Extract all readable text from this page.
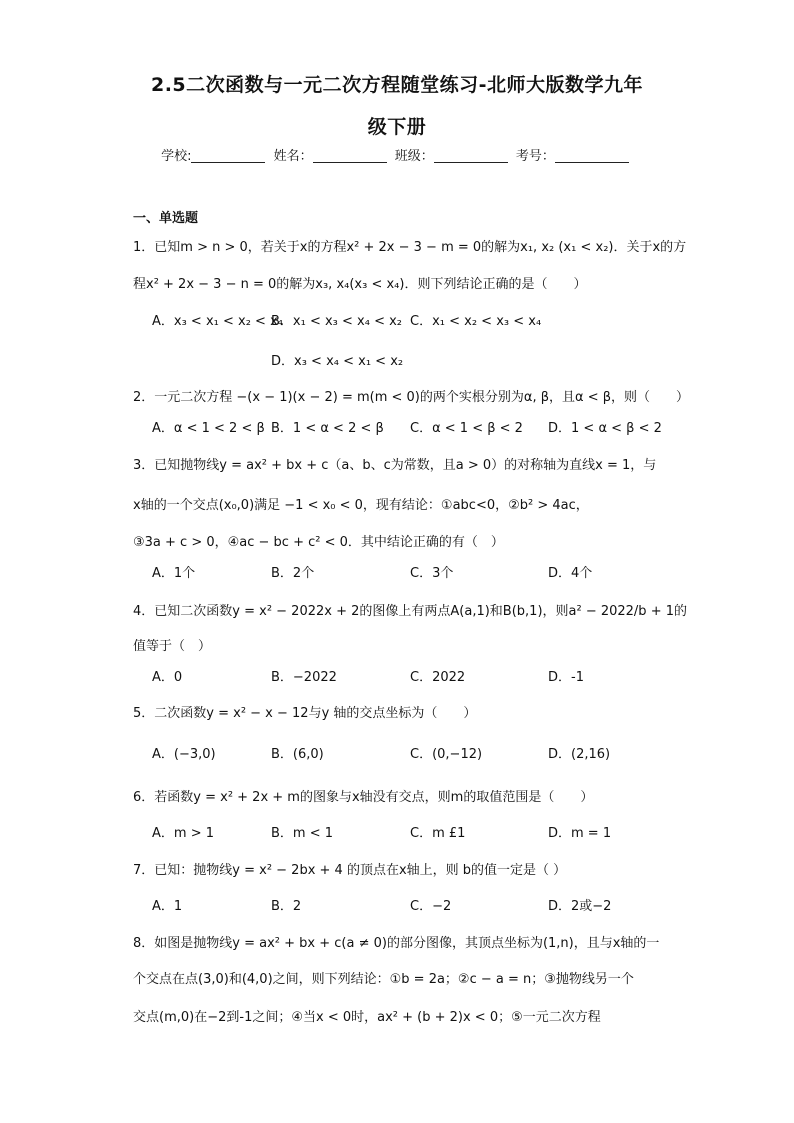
2.5二次函数与一元二次方程随堂练习-北师大版数学九年
级下册
学校:	姓名：	班级：	考号：
一、单选题
1．已知m > n > 0，若关于x的方程x² + 2x − 3 − m = 0的解为x₁, x₂ (x₁ < x₂)．关于x的方
程x² + 2x − 3 − n = 0的解为x₃, x₄(x₃ < x₄)．则下列结论正确的是（　　）
A．x₃ < x₁ < x₂ < x₄
B．x₁ < x₃ < x₄ < x₂ C．x₁ < x₂ < x₃ < x₄
D．x₃ < x₄ < x₁ < x₂
2．一元二次方程 −(x − 1)(x − 2) = m(m < 0)的两个实根分别为α, β，且α < β，则（　　）
A．α < 1 < 2 < β B．1 < α < 2 < β C．α < 1 < β < 2 D．1 < α < β < 2
3．已知抛物线y = ax² + bx + c（a、b、c为常数，且a > 0）的对称轴为直线x = 1，与
x轴的一个交点(x₀,0)满足 −1 < x₀ < 0，现有结论：①abc<0，②b² > 4ac，
③3a + c > 0，④ac − bc + c² < 0．其中结论正确的有（　）
A．1个	B．2个	C．3个	D．4个
4．已知二次函数y = x² − 2022x + 2的图像上有两点A(a,1)和B(b,1)，则a² − 2022/b + 1的
值等于（　）
A．0	B．−2022	C．2022	D．-1
5．二次函数y = x² − x − 12与y 轴的交点坐标为（　　）
A．(−3,0)	B．(6,0)	C．(0,−12)	D．(2,16)
6．若函数y = x² + 2x + m的图象与x轴没有交点，则m的取值范围是（　　）
A．m > 1	B．m < 1	C．m £1	D．m = 1
7．已知：抛物线y = x² − 2bx + 4 的顶点在x轴上，则 b的值一定是（ ）
A．1	B．2	C．−2	D．2或−2
8．如图是抛物线y = ax² + bx + c(a ≠ 0)的部分图像，其顶点坐标为(1,n)，且与x轴的一
个交点在点(3,0)和(4,0)之间，则下列结论：①b = 2a；②c − a = n；③抛物线另一个
交点(m,0)在−2到-1之间；④当x < 0时，ax² + (b + 2)x < 0；⑤一元二次方程
